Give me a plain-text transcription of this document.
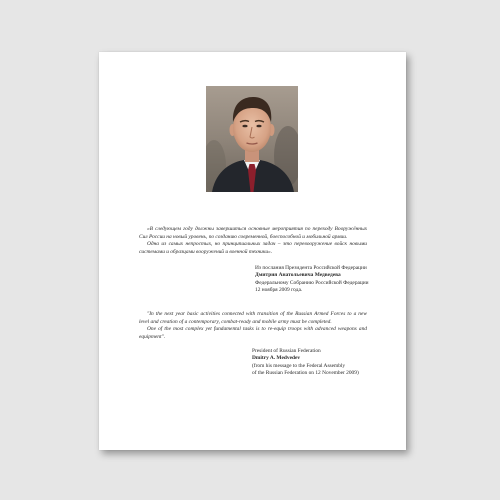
«В следующем году должны завершиться основные мероприятия по переходу Вооружённых Сил России на новый уровень, по созданию современной, боеспособной и мобильной армии.

Одна из самых непростых, но принципиальных задач – это перевооружение войск новыми системами и образцами вооружений и военной техники».

Из послания Президента Российской Федерации
Дмитрия Анатольевича Медведева
Федеральному Собранию Российской Федерации
12 ноября 2009 года.

"In the next year basic activities connected with transition of the Russian Armed Forces to a new level and creation of a contemporary, combat-ready and mobile army must be completed.

One of the most complex yet fundamental tasks is to re-equip troops with advanced weapons and equipment".

President of Russian Federation
Dmitry A. Medvedev
(from his message to the Federal Assembly
of the Russian Federation on 12 November 2009)
